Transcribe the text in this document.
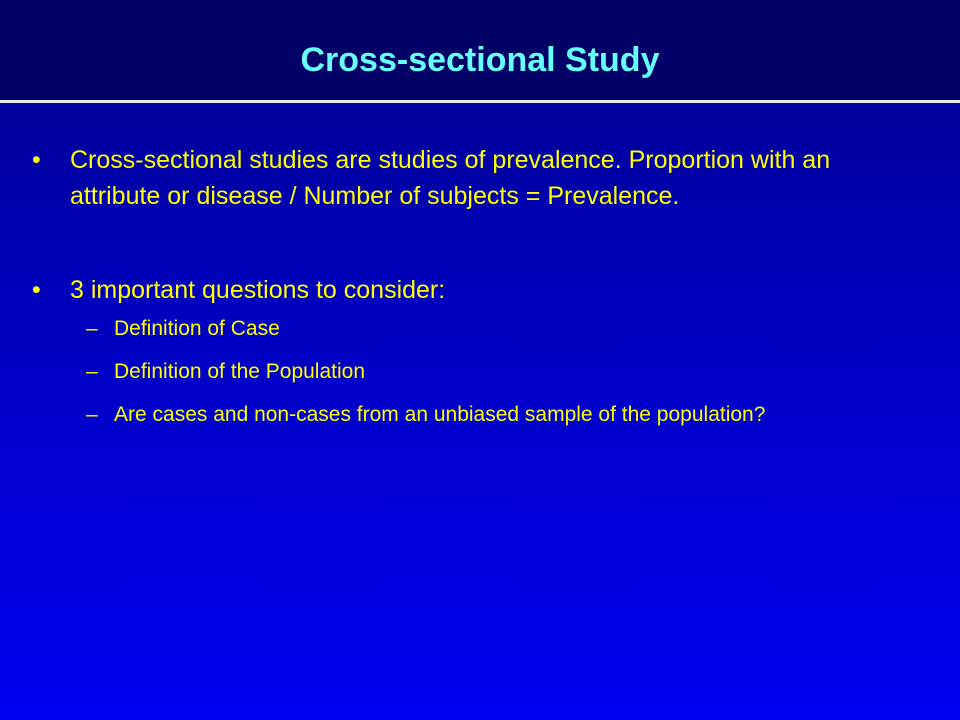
Cross-sectional Study
• Cross-sectional studies are studies of prevalence. Proportion with an attribute or disease / Number of subjects = Prevalence.
• 3 important questions to consider:
– Definition of Case
– Definition of the Population
– Are cases and non-cases from an unbiased sample of the population?
